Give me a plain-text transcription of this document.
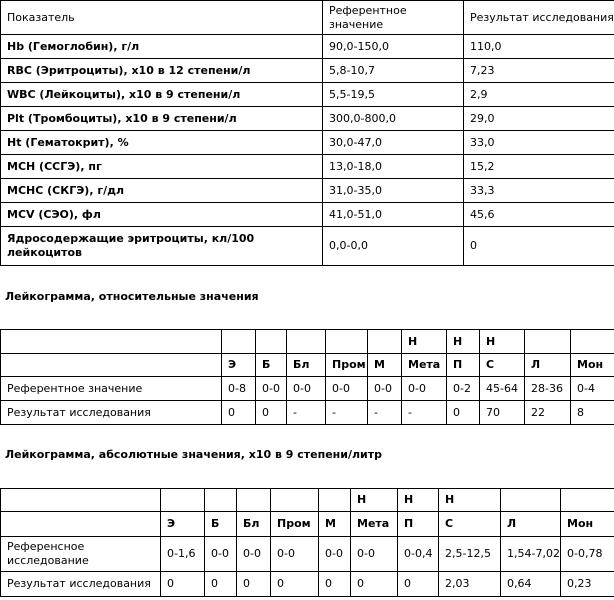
Показатель	Референтное значение	Результат исследования
Hb (Гемоглобин), г/л	90,0-150,0	110,0
RBC (Эритроциты), x10 в 12 степени/л	5,8-10,7	7,23
WBC (Лейкоциты), x10 в 9 степени/л	5,5-19,5	2,9
Plt (Тромбоциты), x10 в 9 степени/л	300,0-800,0	29,0
Ht (Гематокрит), %	30,0-47,0	33,0
MCH (ССГЭ), пг	13,0-18,0	15,2
MCHC (СКГЭ), г/дл	31,0-35,0	33,3
MCV (СЭО), фл	41,0-51,0	45,6
Ядросодержащие эритроциты, кл/100 лейкоцитов	0,0-0,0	0
Лейкограмма, относительные значения
						Н	Н	Н		
	Э	Б	Бл	Пром	М	Мета	П	С	Л	Мон
Референтное значение	0-8	0-0	0-0	0-0	0-0	0-0	0-2	45-64	28-36	0-4
Результат исследования	0	0	-	-	-	-	0	70	22	8
Лейкограмма, абсолютные значения, x10 в 9 степени/литр
						Н	Н	Н		
	Э	Б	Бл	Пром	М	Мета	П	С	Л	Мон
Референсное исследование	0-1,6	0-0	0-0	0-0	0-0	0-0	0-0,4	2,5-12,5	1,54-7,02	0-0,78
Результат исследования	0	0	0	0	0	0	0	2,03	0,64	0,23
